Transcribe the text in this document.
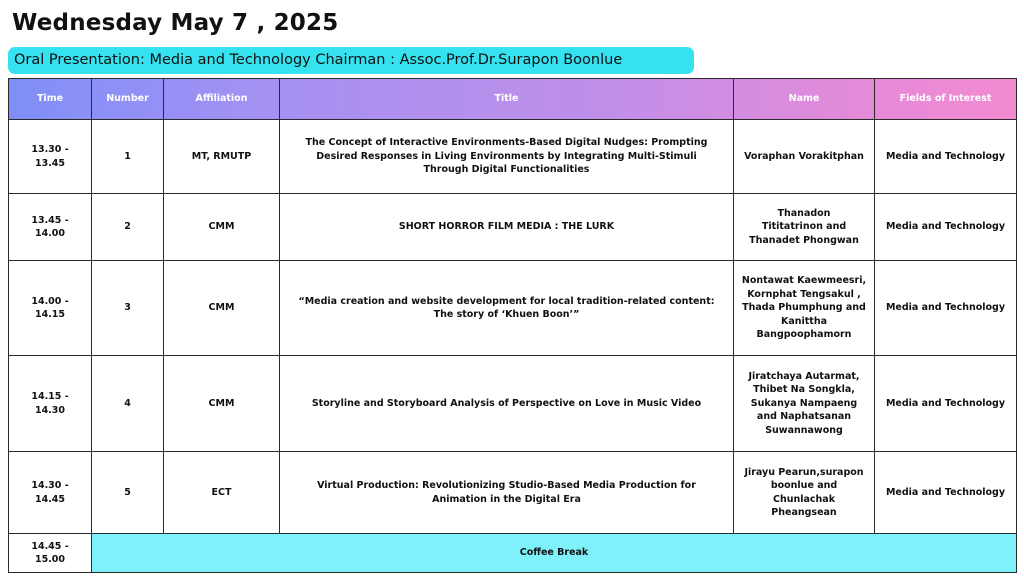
Wednesday May 7 , 2025
Oral Presentation: Media and Technology Chairman : Assoc.Prof.Dr.Surapon Boonlue
Time	Number	Affiliation	Title	Name	Fields of Interest
13.30 - 13.45	1	MT, RMUTP	The Concept of Interactive Environments-Based Digital Nudges: Prompting Desired Responses in Living Environments by Integrating Multi-Stimuli Through Digital Functionalities	Voraphan Vorakitphan	Media and Technology
13.45 - 14.00	2	CMM	SHORT HORROR FILM MEDIA : THE LURK	Thanadon Tititatrinon and Thanadet Phongwan	Media and Technology
14.00 - 14.15	3	CMM	“Media creation and website development for local tradition-related content: The story of ‘Khuen Boon’”	Nontawat Kaewmeesri, Kornphat Tengsakul , Thada Phumphung and Kanittha Bangpoophamorn	Media and Technology
14.15 - 14.30	4	CMM	Storyline and Storyboard Analysis of Perspective on Love in Music Video	Jiratchaya Autarmat, Thibet Na Songkla, Sukanya Nampaeng and Naphatsanan Suwannawong	Media and Technology
14.30 - 14.45	5	ECT	Virtual Production: Revolutionizing Studio-Based Media Production for Animation in the Digital Era	Jirayu Pearun,surapon boonlue and Chunlachak Pheangsean	Media and Technology
14.45 - 15.00	Coffee Break				
